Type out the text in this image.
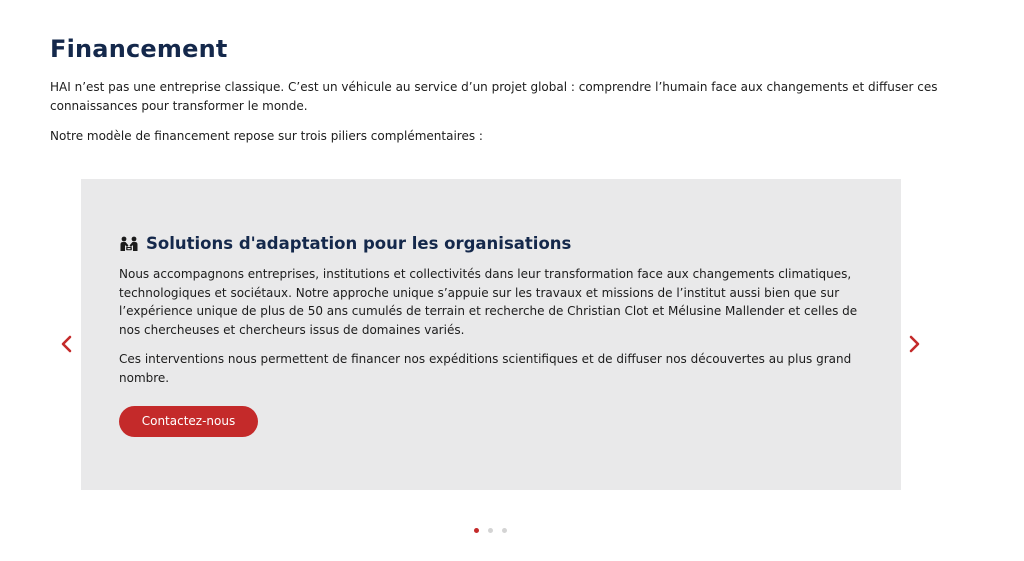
Financement

HAI n’est pas une entreprise classique. C’est un véhicule au service d’un projet global : comprendre l’humain face aux changements et diffuser ces connaissances pour transformer le monde.

Notre modèle de financement repose sur trois piliers complémentaires :

Solutions d'adaptation pour les organisations

Nous accompagnons entreprises, institutions et collectivités dans leur transformation face aux changements climatiques, technologiques et sociétaux. Notre approche unique s’appuie sur les travaux et missions de l’institut aussi bien que sur l’expérience unique de plus de 50 ans cumulés de terrain et recherche de Christian Clot et Mélusine Mallender et celles de nos chercheuses et chercheurs issus de domaines variés.

Ces interventions nous permettent de financer nos expéditions scientifiques et de diffuser nos découvertes au plus grand nombre.

Contactez-nous
